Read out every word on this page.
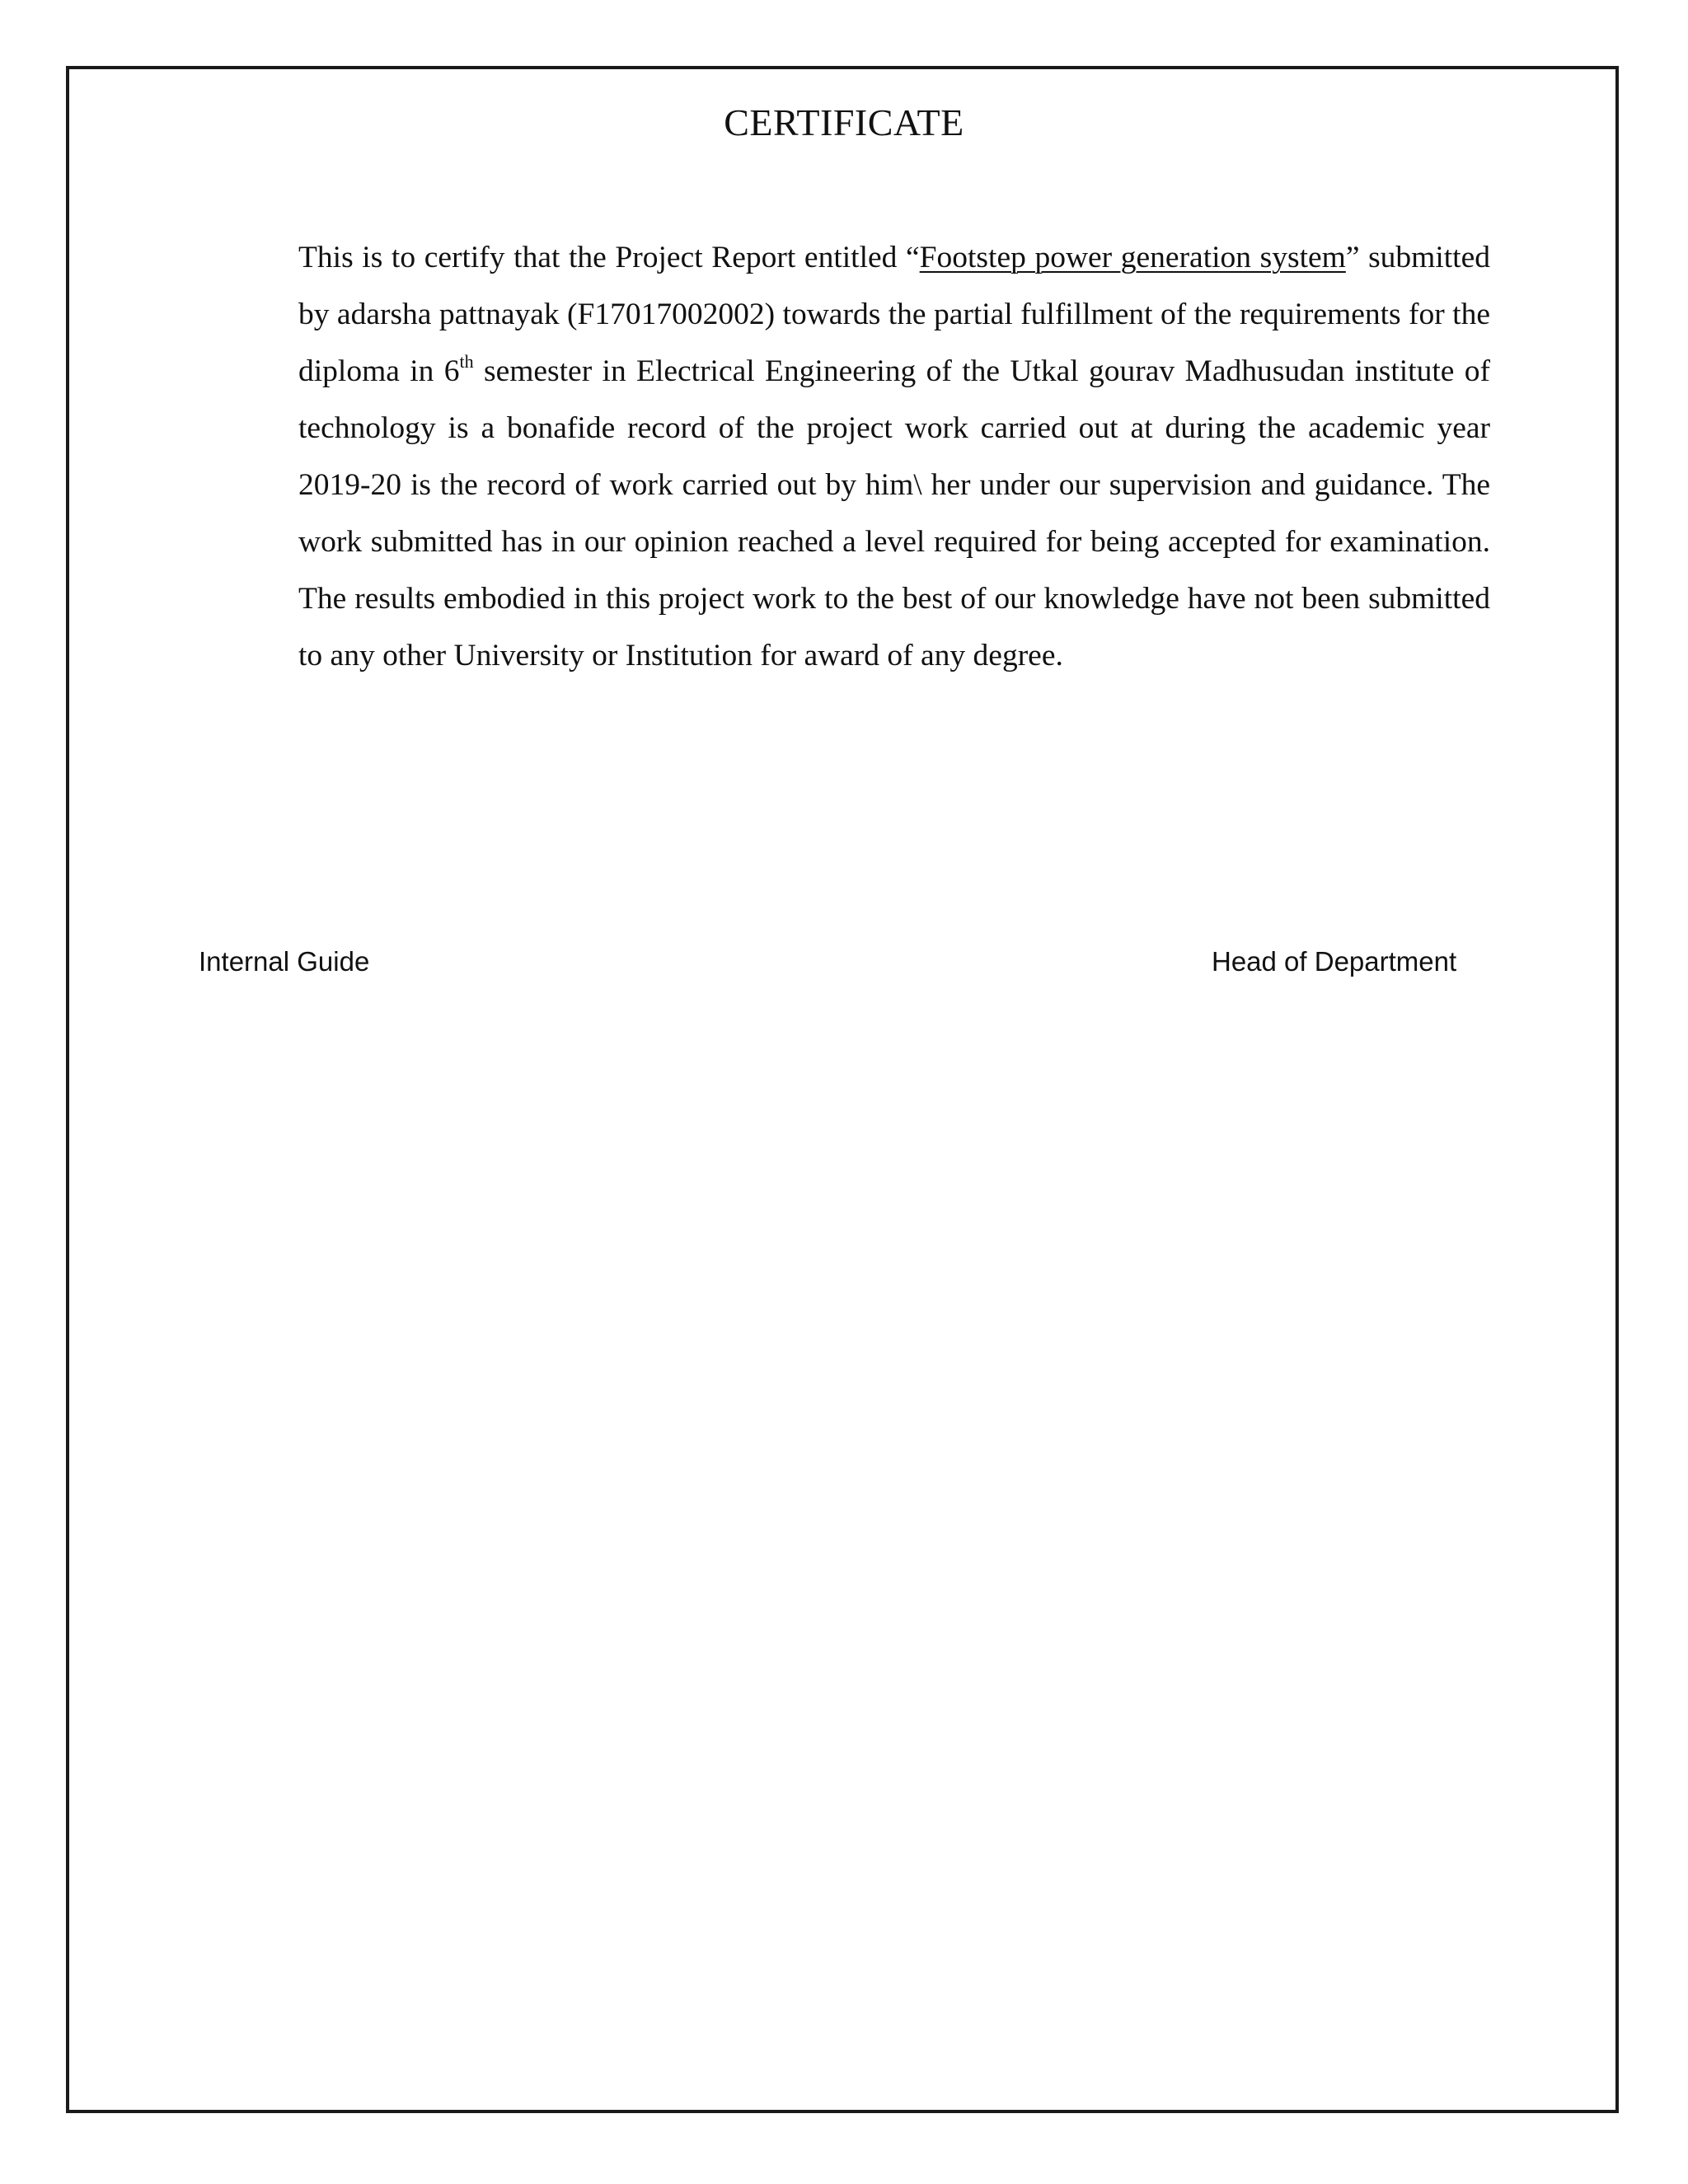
CERTIFICATE
This is to certify that the Project Report entitled “Footstep power generation system” submitted by adarsha pattnayak (F17017002002) towards the partial fulfillment of the requirements for the diploma in 6th semester in Electrical Engineering of the Utkal gourav Madhusudan institute of technology is a bonafide record of the project work carried out at during the academic year 2019-20 is the record of work carried out by him\ her under our supervision and guidance. The work submitted has in our opinion reached a level required for being accepted for examination. The results embodied in this project work to the best of our knowledge have not been submitted to any other University or Institution for award of any degree.
Internal Guide	Head of Department
